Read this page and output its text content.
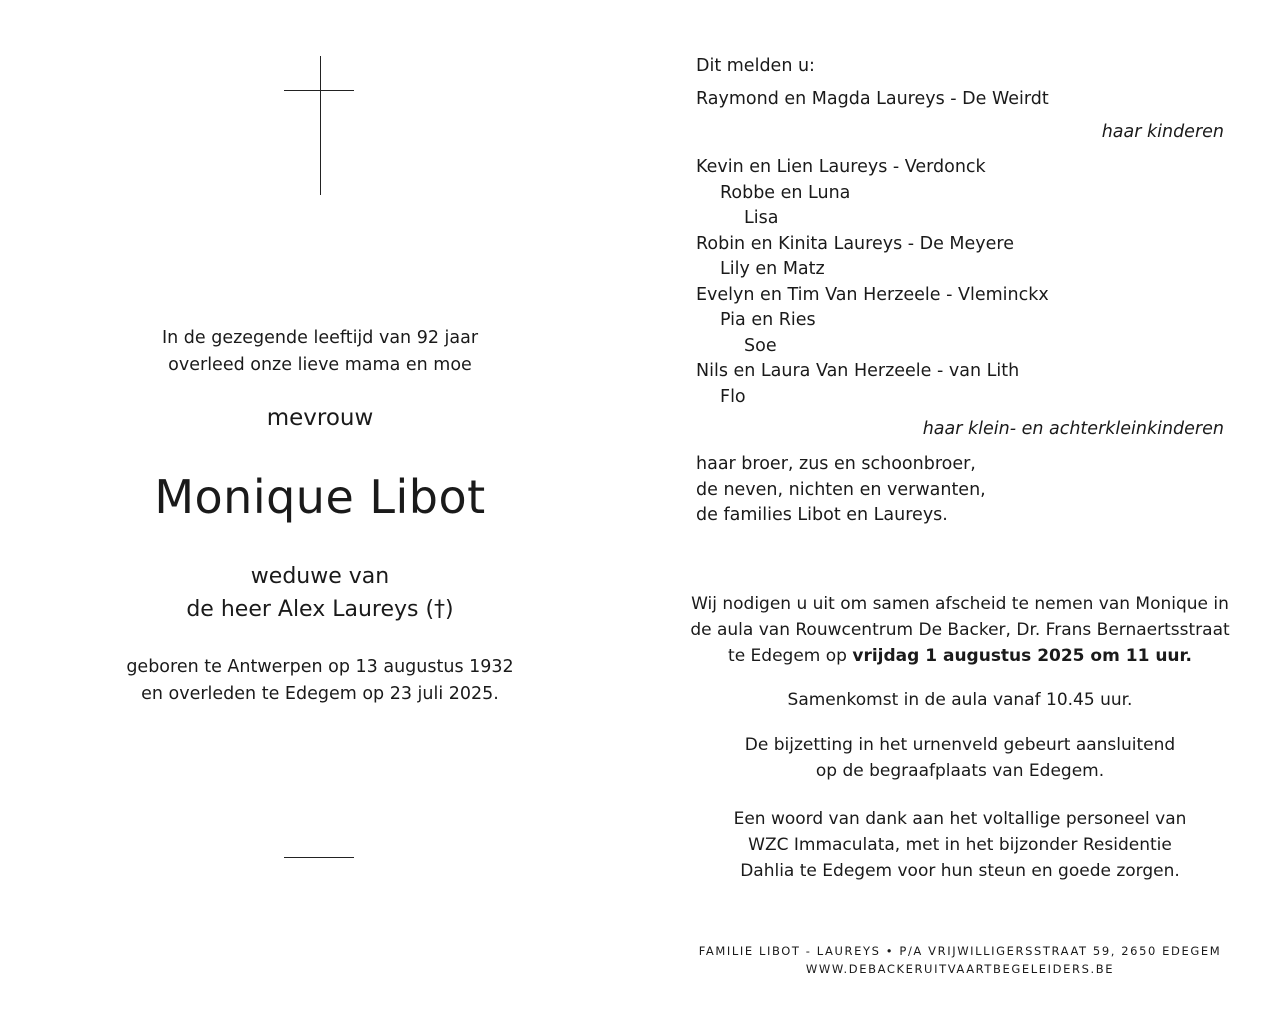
In de gezegende leeftijd van 92 jaar
overleed onze lieve mama en moe
mevrouw
Monique Libot
weduwe van
de heer Alex Laureys (†)
geboren te Antwerpen op 13 augustus 1932
en overleden te Edegem op 23 juli 2025.
Dit melden u:
Raymond en Magda Laureys - De Weirdt
haar kinderen
Kevin en Lien Laureys - Verdonck
Robbe en Luna
Lisa
Robin en Kinita Laureys - De Meyere
Lily en Matz
Evelyn en Tim Van Herzeele - Vleminckx
Pia en Ries
Soe
Nils en Laura Van Herzeele - van Lith
Flo
haar klein- en achterkleinkinderen
haar broer, zus en schoonbroer,
de neven, nichten en verwanten,
de families Libot en Laureys.
Wij nodigen u uit om samen afscheid te nemen van Monique in
de aula van Rouwcentrum De Backer, Dr. Frans Bernaertsstraat
te Edegem op vrijdag 1 augustus 2025 om 11 uur.
Samenkomst in de aula vanaf 10.45 uur.
De bijzetting in het urnenveld gebeurt aansluitend
op de begraafplaats van Edegem.
Een woord van dank aan het voltallige personeel van
WZC Immaculata, met in het bijzonder Residentie
Dahlia te Edegem voor hun steun en goede zorgen.
FAMILIE LIBOT - LAUREYS • P/A VRIJWILLIGERSSTRAAT 59, 2650 EDEGEM
WWW.DEBACKERUITVAARTBEGELEIDERS.BE
